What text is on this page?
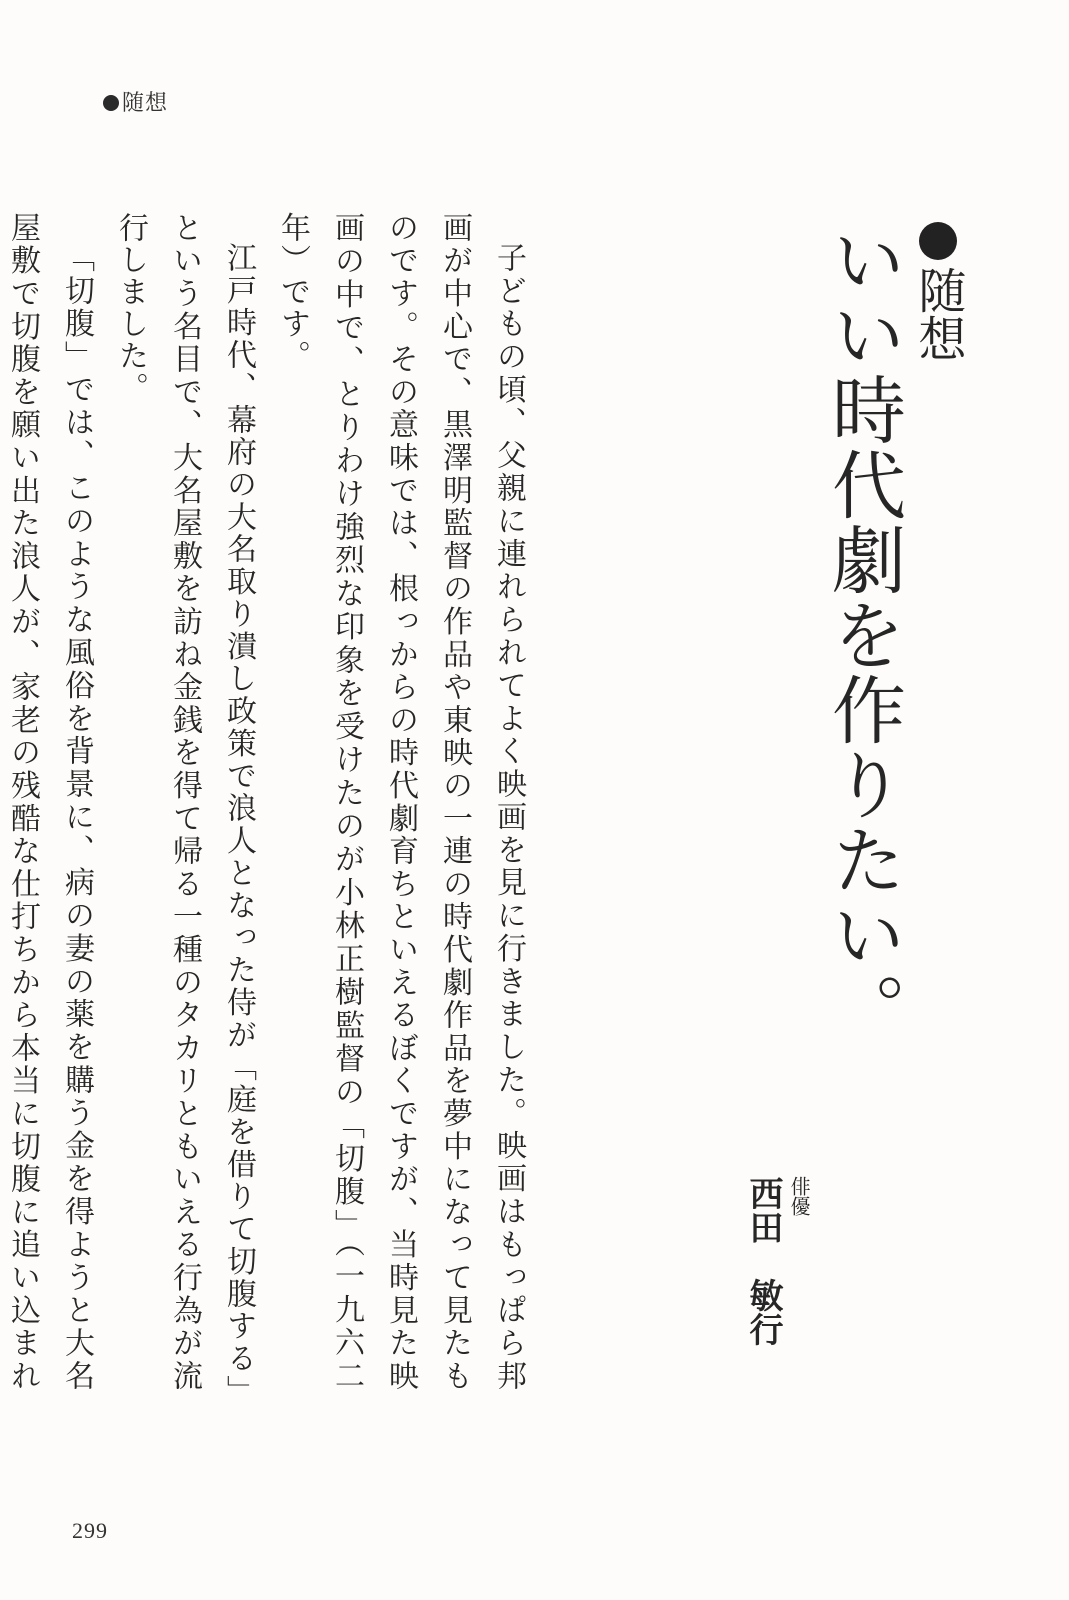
随想
随想
いい時代劇を作りたい。
俳優
西田　敏行

子どもの頃、父親に連れられてよく映画を見に行きました。映画はもっぱら邦画が中心で、黒澤明監督の作品や東映の一連の時代劇作品を夢中になって見たものです。その意味では、根っからの時代劇育ちといえるぼくですが、当時見た映画の中で、とりわけ強烈な印象を受けたのが小林正樹監督の「切腹」（一九六二年）です。

江戸時代、幕府の大名取り潰し政策で浪人となった侍が「庭を借りて切腹する」という名目で、大名屋敷を訪ね金銭を得て帰る一種のタカリともいえる行為が流行しました。

「切腹」では、このような風俗を背景に、病の妻の薬を購う金を得ようと大名屋敷で切腹を願い出た浪人が、家老の残酷な仕打ちから本当に切腹に追い込まれ

299
